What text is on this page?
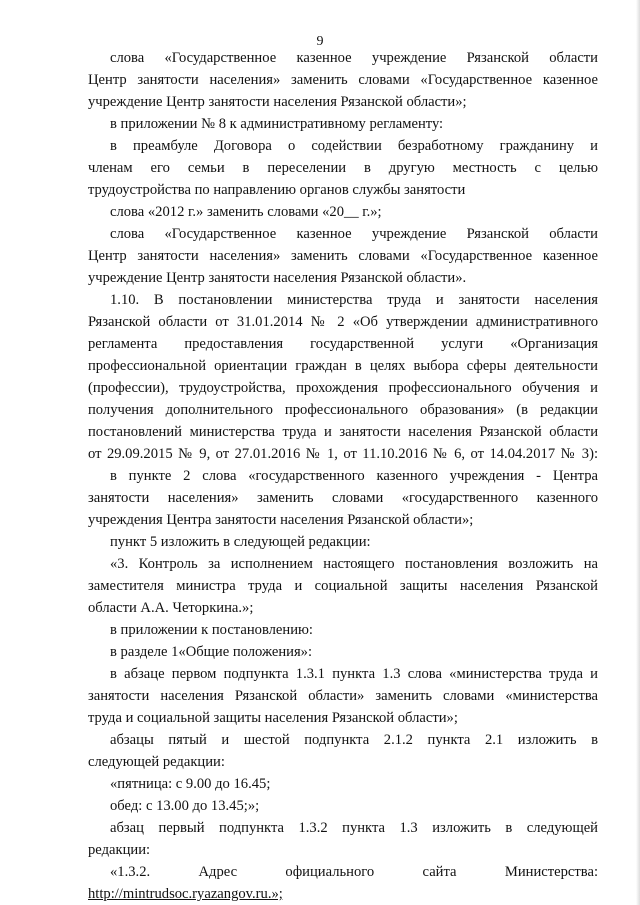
9
слова «Государственное казенное учреждение Рязанской области
Центр занятости населения» заменить словами «Государственное казенное
учреждение Центр занятости населения Рязанской области»;
в приложении № 8 к административному регламенту:
в преамбуле Договора о содействии безработному гражданину и
членам его семьи в переселении в другую местность с целью
трудоустройства по направлению органов службы занятости
слова «2012 г.» заменить словами «20__ г.»;
слова «Государственное казенное учреждение Рязанской области
Центр занятости населения» заменить словами «Государственное казенное
учреждение Центр занятости населения Рязанской области».
1.10. В постановлении министерства труда и занятости населения
Рязанской области от 31.01.2014 № 2 «Об утверждении административного
регламента предоставления государственной услуги «Организация
профессиональной ориентации граждан в целях выбора сферы деятельности
(профессии), трудоустройства, прохождения профессионального обучения и
получения дополнительного профессионального образования» (в редакции
постановлений министерства труда и занятости населения Рязанской области
от 29.09.2015 № 9, от 27.01.2016 № 1, от 11.10.2016 № 6, от 14.04.2017 № 3):
в пункте 2 слова «государственного казенного учреждения - Центра
занятости населения» заменить словами «государственного казенного
учреждения Центра занятости населения Рязанской области»;
пункт 5 изложить в следующей редакции:
«3. Контроль за исполнением настоящего постановления возложить на
заместителя министра труда и социальной защиты населения Рязанской
области А.А. Четоркина.»;
в приложении к постановлению:
в разделе 1«Общие положения»:
в абзаце первом подпункта 1.3.1 пункта 1.3 слова «министерства труда и
занятости населения Рязанской области» заменить словами «министерства
труда и социальной защиты населения Рязанской области»;
абзацы пятый и шестой подпункта 2.1.2 пункта 2.1 изложить в
следующей редакции:
«пятница: с 9.00 до 16.45;
обед: с 13.00 до 13.45;»;
абзац первый подпункта 1.3.2 пункта 1.3 изложить в следующей
редакции:
«1.3.2. Адрес официального сайта Министерства:
http://mintrudsoc.ryazangov.ru.»;
